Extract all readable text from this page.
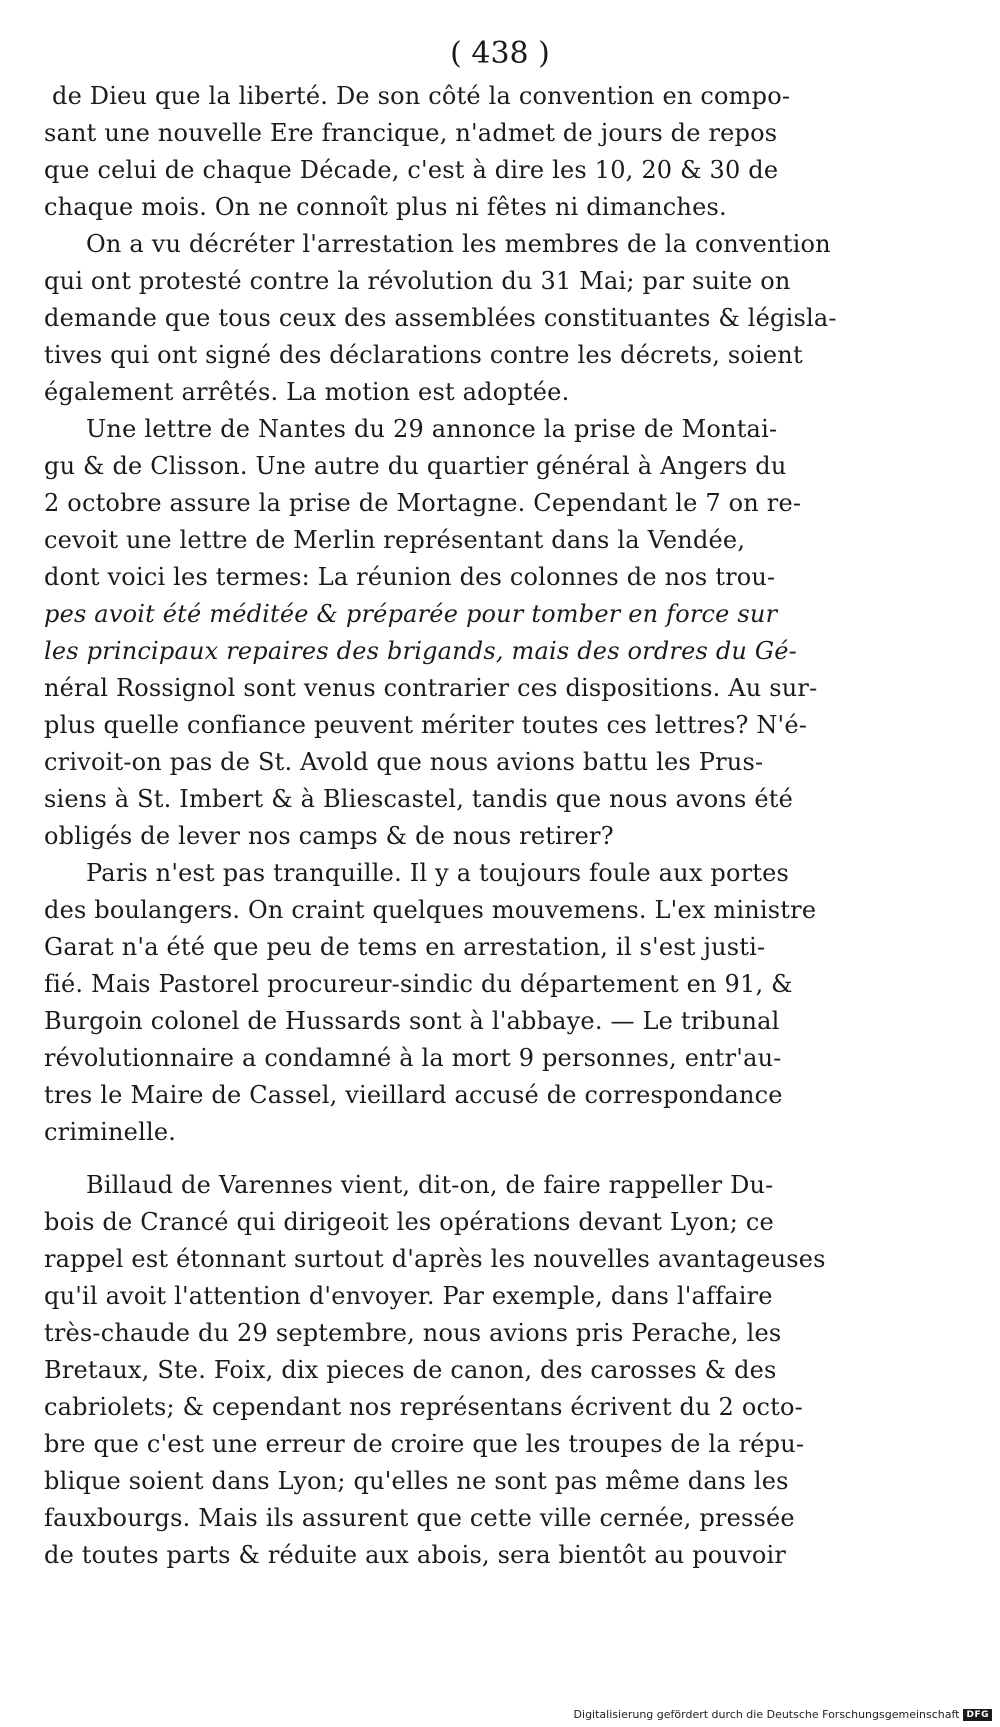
( 438 )
de Dieu que la liberté. De son côté la convention en compo-
sant une nouvelle Ere francique, n'admet de jours de repos
que celui de chaque Décade, c'est à dire les 10, 20 & 30 de
chaque mois. On ne connoît plus ni fêtes ni dimanches.
On a vu décréter l'arrestation les membres de la convention
qui ont protesté contre la révolution du 31 Mai; par suite on
demande que tous ceux des assemblées constituantes & législa-
tives qui ont signé des déclarations contre les décrets, soient
également arrêtés. La motion est adoptée.
Une lettre de Nantes du 29 annonce la prise de Montai-
gu & de Clisson. Une autre du quartier général à Angers du
2 octobre assure la prise de Mortagne. Cependant le 7 on re-
cevoit une lettre de Merlin représentant dans la Vendée,
dont voici les termes: La réunion des colonnes de nos trou-
pes avoit été méditée & préparée pour tomber en force sur
les principaux repaires des brigands, mais des ordres du Gé-
néral Rossignol sont venus contrarier ces dispositions. Au sur-
plus quelle confiance peuvent mériter toutes ces lettres? N'é-
crivoit-on pas de St. Avold que nous avions battu les Prus-
siens à St. Imbert & à Bliescastel, tandis que nous avons été
obligés de lever nos camps & de nous retirer?
Paris n'est pas tranquille. Il y a toujours foule aux portes
des boulangers. On craint quelques mouvemens. L'ex ministre
Garat n'a été que peu de tems en arrestation, il s'est justi-
fié. Mais Pastorel procureur-sindic du département en 91, &
Burgoin colonel de Hussards sont à l'abbaye. — Le tribunal
révolutionnaire a condamné à la mort 9 personnes, entr'au-
tres le Maire de Cassel, vieillard accusé de correspondance
criminelle.
Billaud de Varennes vient, dit-on, de faire rappeller Du-
bois de Crancé qui dirigeoit les opérations devant Lyon; ce
rappel est étonnant surtout d'après les nouvelles avantageuses
qu'il avoit l'attention d'envoyer. Par exemple, dans l'affaire
très-chaude du 29 septembre, nous avions pris Perache, les
Bretaux, Ste. Foix, dix pieces de canon, des carosses & des
cabriolets; & cependant nos représentans écrivent du 2 octo-
bre que c'est une erreur de croire que les troupes de la répu-
blique soient dans Lyon; qu'elles ne sont pas même dans les
fauxbourgs. Mais ils assurent que cette ville cernée, pressée
de toutes parts & réduite aux abois, sera bientôt au pouvoir
Digitalisierung gefördert durch die Deutsche Forschungsgemeinschaft DFG
